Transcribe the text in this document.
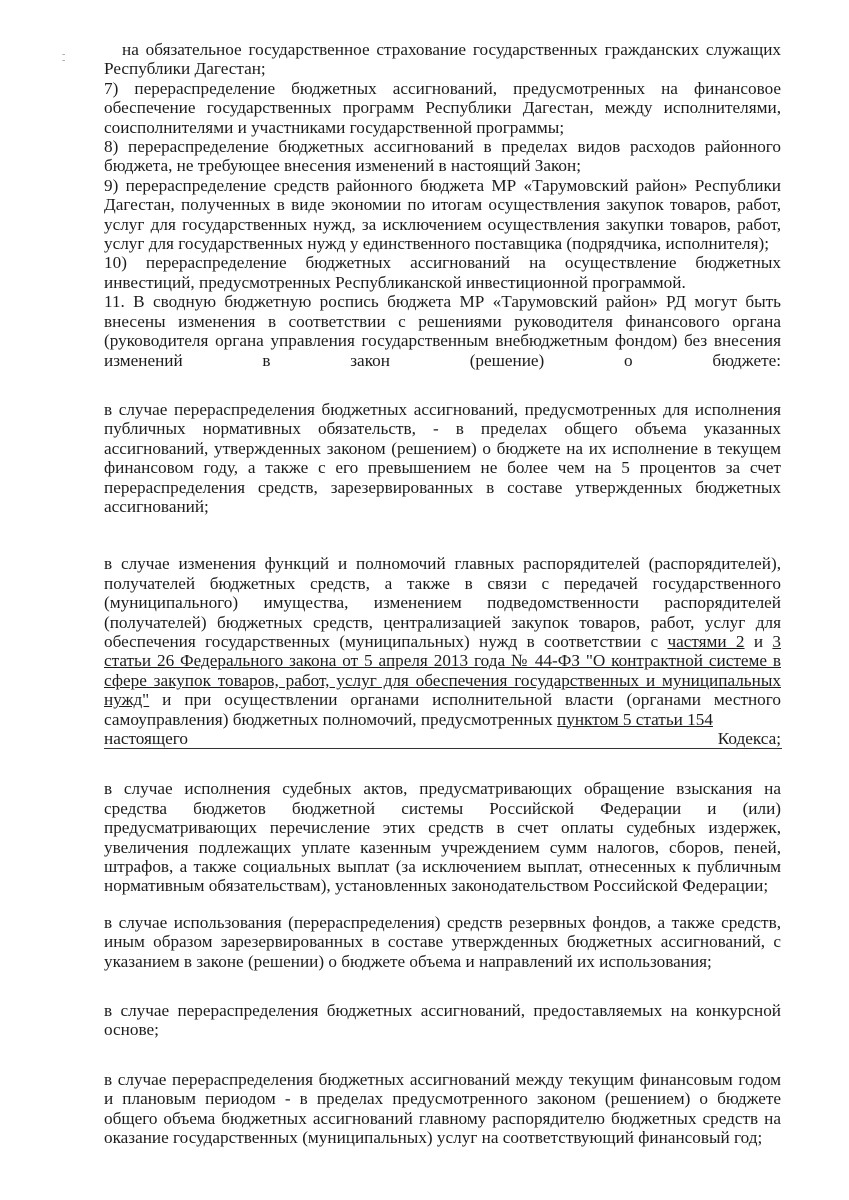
- -

на обязательное государственное страхование государственных гражданских служащих Республики Дагестан;

7) перераспределение бюджетных ассигнований, предусмотренных на финансовое обеспечение государственных программ Республики Дагестан, между исполнителями, соисполнителями и участниками государственной программы;

8) перераспределение бюджетных ассигнований в пределах видов расходов районного бюджета, не требующее внесения изменений в настоящий Закон;

9) перераспределение средств районного бюджета МР «Тарумовский район» Республики Дагестан, полученных в виде экономии по итогам осуществления закупок товаров, работ, услуг для государственных нужд, за исключением осуществления закупки товаров, работ, услуг для государственных нужд у единственного поставщика (подрядчика, исполнителя);

10) перераспределение бюджетных ассигнований на осуществление бюджетных инвестиций, предусмотренных Республиканской инвестиционной программой.

11. В сводную бюджетную роспись бюджета МР «Тарумовский район» РД могут быть внесены изменения в соответствии с решениями руководителя финансового органа (руководителя органа управления государственным внебюджетным фондом) без внесения изменений в закон (решение) о бюджете:

в случае перераспределения бюджетных ассигнований, предусмотренных для исполнения публичных нормативных обязательств, - в пределах общего объема указанных ассигнований, утвержденных законом (решением) о бюджете на их исполнение в текущем финансовом году, а также с его превышением не более чем на 5 процентов за счет перераспределения средств, зарезервированных в составе утвержденных бюджетных ассигнований;

в случае изменения функций и полномочий главных распорядителей (распорядителей), получателей бюджетных средств, а также в связи с передачей государственного (муниципального) имущества, изменением подведомственности распорядителей (получателей) бюджетных средств, централизацией закупок товаров, работ, услуг для обеспечения государственных (муниципальных) нужд в соответствии с частями 2 и 3 статьи 26 Федерального закона от 5 апреля 2013 года № 44-ФЗ "О контрактной системе в сфере закупок товаров, работ, услуг для обеспечения государственных и муниципальных нужд" и при осуществлении органами исполнительной власти (органами местного самоуправления) бюджетных полномочий, предусмотренных пунктом 5 статьи 154

настоящего	Кодекса;

в случае исполнения судебных актов, предусматривающих обращение взыскания на средства бюджетов бюджетной системы Российской Федерации и (или) предусматривающих перечисление этих средств в счет оплаты судебных издержек, увеличения подлежащих уплате казенным учреждением сумм налогов, сборов, пеней, штрафов, а также социальных выплат (за исключением выплат, отнесенных к публичным нормативным обязательствам), установленных законодательством Российской Федерации;

в случае использования (перераспределения) средств резервных фондов, а также средств, иным образом зарезервированных в составе утвержденных бюджетных ассигнований, с указанием в законе (решении) о бюджете объема и направлений их использования;

в случае перераспределения бюджетных ассигнований, предоставляемых на конкурсной основе;

в случае перераспределения бюджетных ассигнований между текущим финансовым годом и плановым периодом - в пределах предусмотренного законом (решением) о бюджете общего объема бюджетных ассигнований главному распорядителю бюджетных средств на оказание государственных (муниципальных) услуг на соответствующий финансовый год;
